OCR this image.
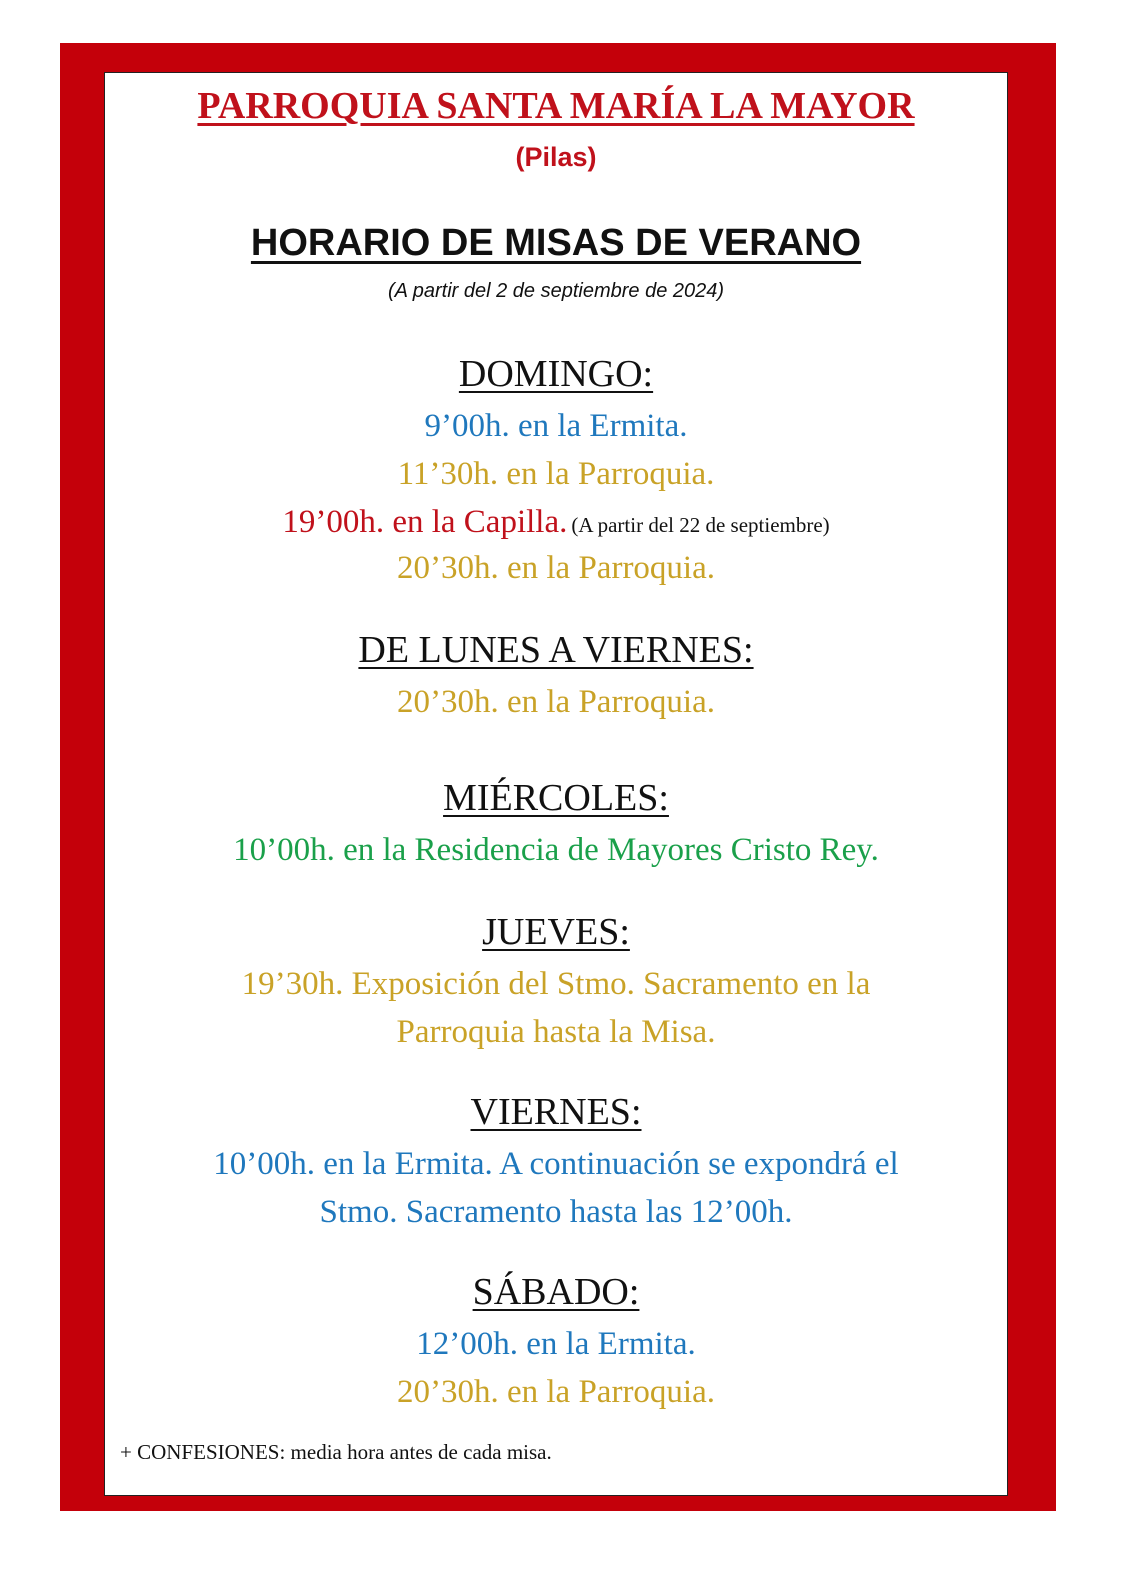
PARROQUIA SANTA MARÍA LA MAYOR
(Pilas)
HORARIO DE MISAS DE VERANO
(A partir del 2 de septiembre de 2024)
DOMINGO:
9’00h. en la Ermita.
11’30h. en la Parroquia.
19’00h. en la Capilla. (A partir del 22 de septiembre)
20’30h. en la Parroquia.
DE LUNES A VIERNES:
20’30h. en la Parroquia.
MIÉRCOLES:
10’00h. en la Residencia de Mayores Cristo Rey.
JUEVES:
19’30h. Exposición del Stmo. Sacramento en la
Parroquia hasta la Misa.
VIERNES:
10’00h. en la Ermita. A continuación se expondrá el
Stmo. Sacramento hasta las 12’00h.
SÁBADO:
12’00h. en la Ermita.
20’30h. en la Parroquia.
+ CONFESIONES: media hora antes de cada misa.
